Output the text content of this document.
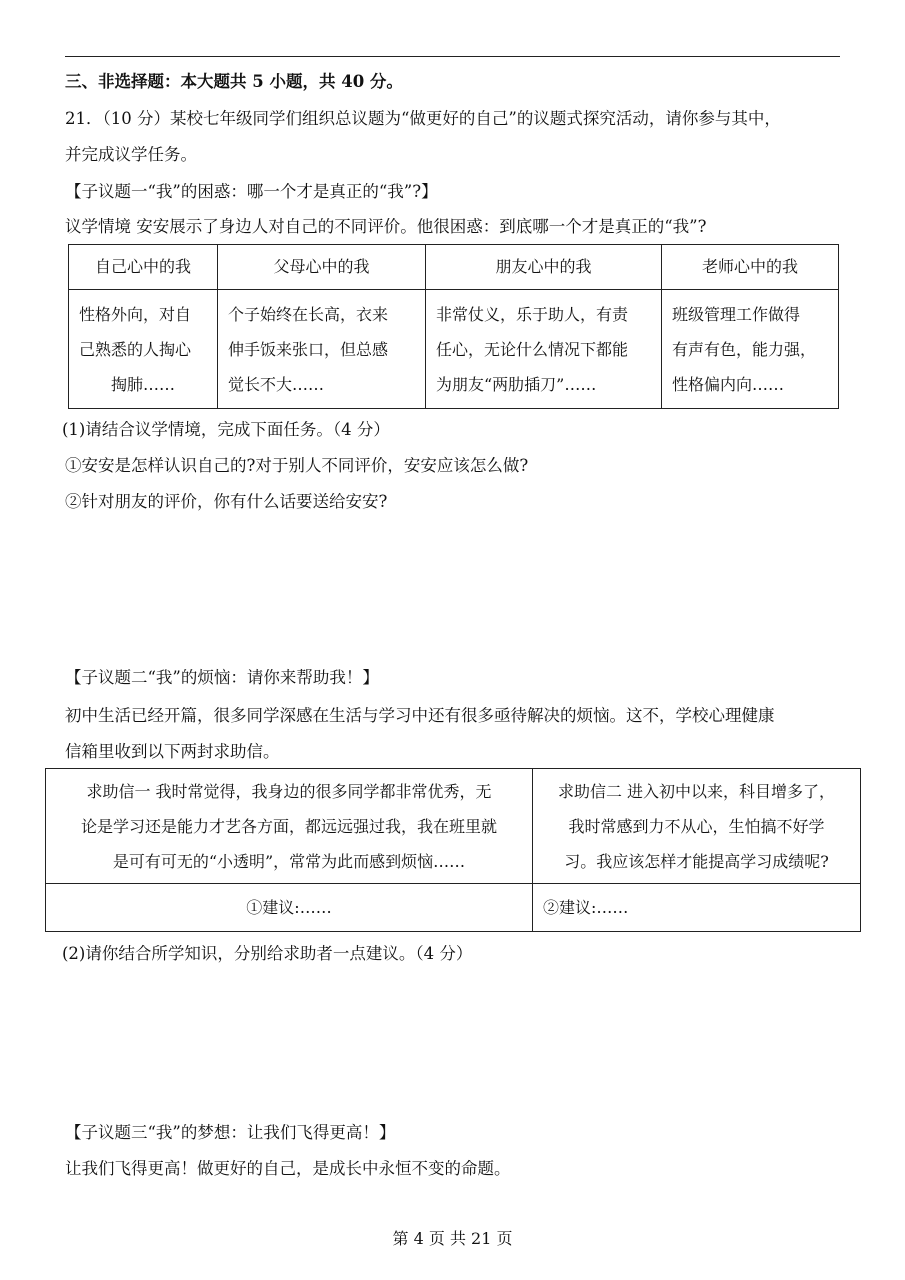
三、非选择题：本大题共 5 小题，共 40 分。
21．（10 分）某校七年级同学们组织总议题为“做更好的自己”的议题式探究活动，请你参与其中，
并完成议学任务。
【子议题一“我”的困惑：哪一个才是真正的“我”?】
议学情境 安安展示了身边人对自己的不同评价。他很困惑：到底哪一个才是真正的“我”?
自己心中的我	父母心中的我	朋友心中的我	老师心中的我

性格外向，对自
己熟悉的人掏心
掏肺……	个子始终在长高，衣来
伸手饭来张口，但总感
觉长不大……	非常仗义，乐于助人，有责
任心，无论什么情况下都能
为朋友“两肋插刀”……	班级管理工作做得
有声有色，能力强，
性格偏内向……
(1)请结合议学情境，完成下面任务。（4 分）
①安安是怎样认识自己的?对于别人不同评价，安安应该怎么做?
②针对朋友的评价，你有什么话要送给安安?
【子议题二“我”的烦恼：请你来帮助我！】
初中生活已经开篇，很多同学深感在生活与学习中还有很多亟待解决的烦恼。这不，学校心理健康
信箱里收到以下两封求助信。
求助信一 我时常觉得，我身边的很多同学都非常优秀，无
论是学习还是能力才艺各方面，都远远强过我，我在班里就
是可有可无的“小透明”，常常为此而感到烦恼……	求助信二 进入初中以来，科目增多了，
我时常感到力不从心，生怕搞不好学
习。我应该怎样才能提高学习成绩呢?

①建议:……	②建议:……
(2)请你结合所学知识，分别给求助者一点建议。（4 分）
【子议题三“我”的梦想：让我们飞得更高！】
让我们飞得更高！做更好的自己，是成长中永恒不变的命题。
第 4 页 共 21 页
